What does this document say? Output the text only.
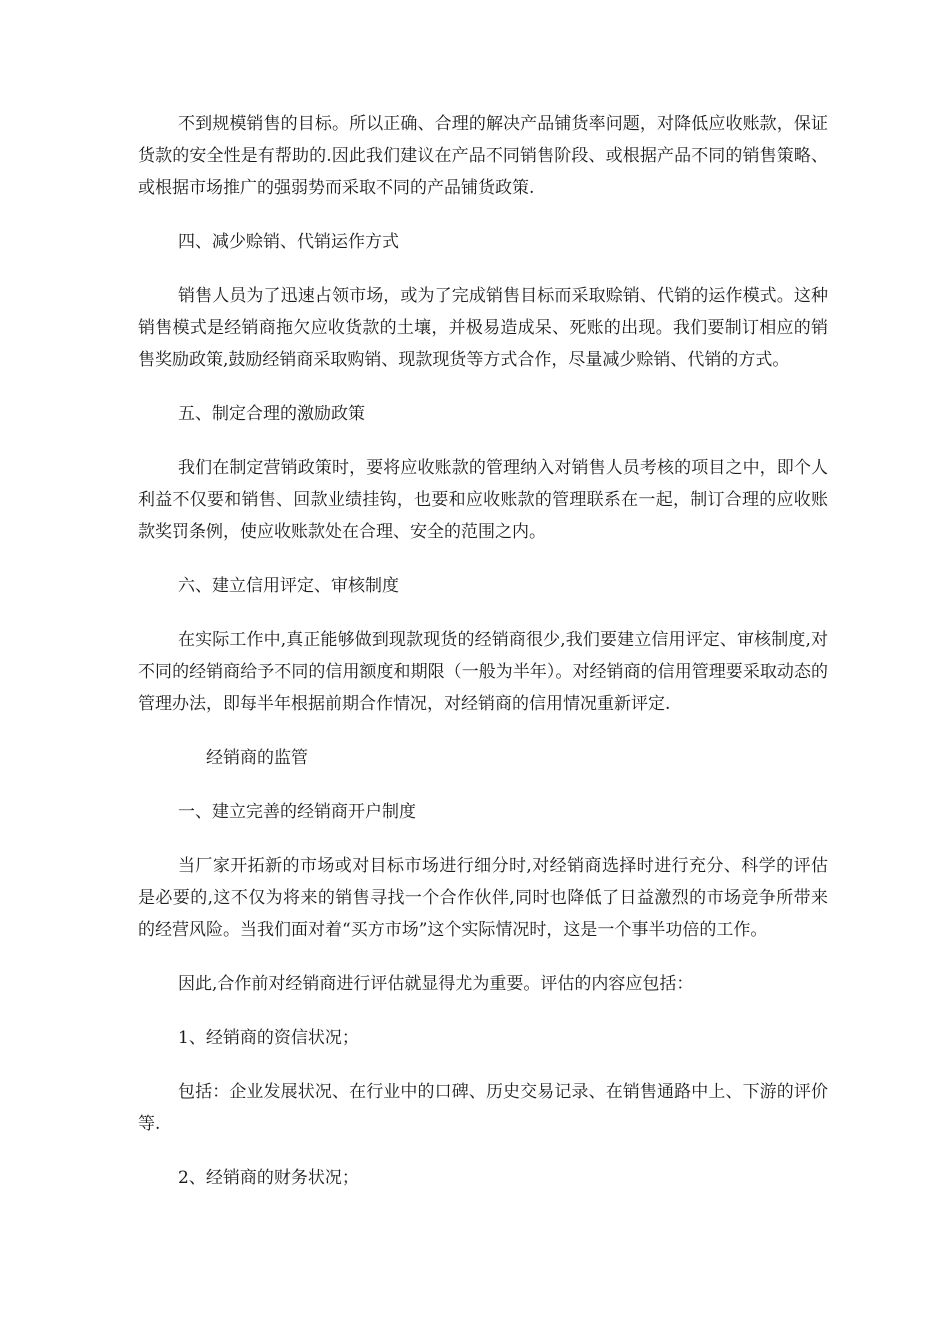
不到规模销售的目标。所以正确、合理的解决产品铺货率问题，对降低应收账款，保证货款的安全性是有帮助的.因此我们建议在产品不同销售阶段、或根据产品不同的销售策略、或根据市场推广的强弱势而采取不同的产品铺货政策.

四、减少赊销、代销运作方式

销售人员为了迅速占领市场，或为了完成销售目标而采取赊销、代销的运作模式。这种销售模式是经销商拖欠应收货款的土壤，并极易造成呆、死账的出现。我们要制订相应的销售奖励政策,鼓励经销商采取购销、现款现货等方式合作，尽量减少赊销、代销的方式。

五、制定合理的激励政策

我们在制定营销政策时，要将应收账款的管理纳入对销售人员考核的项目之中，即个人利益不仅要和销售、回款业绩挂钩，也要和应收账款的管理联系在一起，制订合理的应收账款奖罚条例，使应收账款处在合理、安全的范围之内。

六、建立信用评定、审核制度

在实际工作中,真正能够做到现款现货的经销商很少,我们要建立信用评定、审核制度,对不同的经销商给予不同的信用额度和期限（一般为半年）。对经销商的信用管理要采取动态的管理办法，即每半年根据前期合作情况，对经销商的信用情况重新评定.

经销商的监管

一、建立完善的经销商开户制度

当厂家开拓新的市场或对目标市场进行细分时,对经销商选择时进行充分、科学的评估是必要的,这不仅为将来的销售寻找一个合作伙伴,同时也降低了日益激烈的市场竞争所带来的经营风险。当我们面对着“买方市场”这个实际情况时，这是一个事半功倍的工作。

因此,合作前对经销商进行评估就显得尤为重要。评估的内容应包括：

1、经销商的资信状况；

包括：企业发展状况、在行业中的口碑、历史交易记录、在销售通路中上、下游的评价等.

2、经销商的财务状况；
